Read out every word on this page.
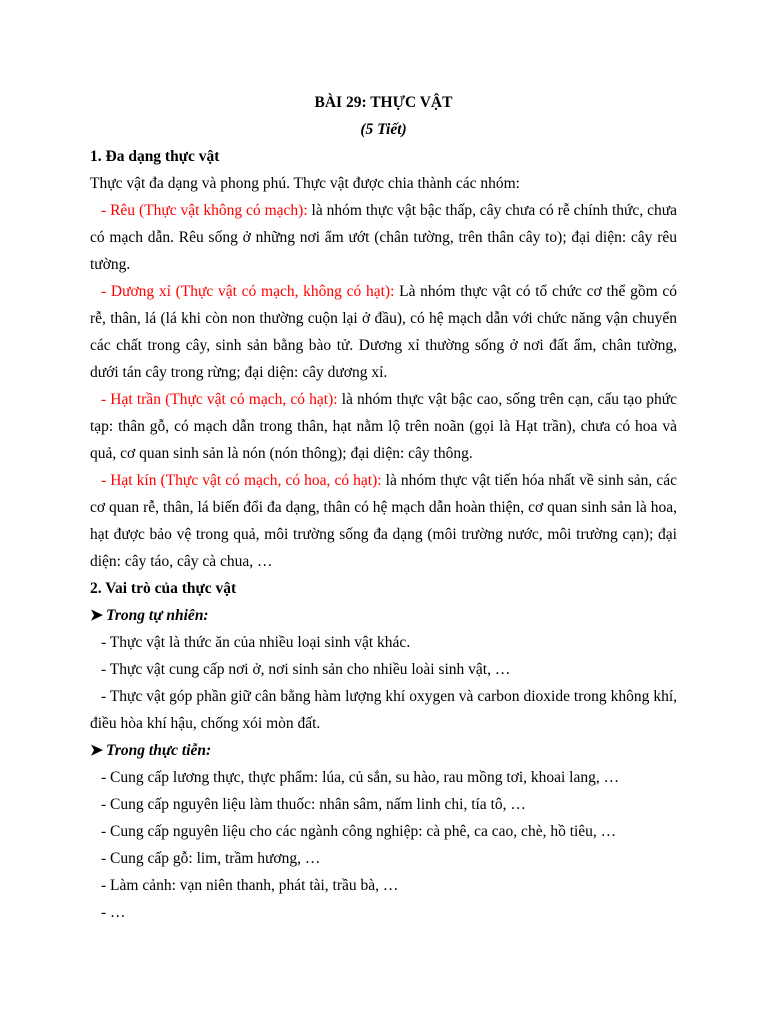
BÀI 29: THỰC VẬT
(5 Tiết)
1. Đa dạng thực vật
Thực vật đa dạng và phong phú. Thực vật được chia thành các nhóm:
- Rêu (Thực vật không có mạch): là nhóm thực vật bậc thấp, cây chưa có rễ chính thức, chưa có mạch dẫn. Rêu sống ở những nơi ẩm ướt (chân tường, trên thân cây to); đại diện: cây rêu tường.
- Dương xỉ (Thực vật có mạch, không có hạt): Là nhóm thực vật có tổ chức cơ thể gồm có rễ, thân, lá (lá khi còn non thường cuộn lại ở đầu), có hệ mạch dẫn với chức năng vận chuyển các chất trong cây, sinh sản bằng bào tử. Dương xỉ thường sống ở nơi đất ẩm, chân tường, dưới tán cây trong rừng; đại diện: cây dương xỉ.
- Hạt trần (Thực vật có mạch, có hạt): là nhóm thực vật bậc cao, sống trên cạn, cấu tạo phức tạp: thân gỗ, có mạch dẫn trong thân, hạt nằm lộ trên noãn (gọi là Hạt trần), chưa có hoa và quả, cơ quan sinh sản là nón (nón thông); đại diện: cây thông.
- Hạt kín (Thực vật có mạch, có hoa, có hạt): là nhóm thực vật tiến hóa nhất về sinh sản, các cơ quan rễ, thân, lá biến đổi đa dạng, thân có hệ mạch dẫn hoàn thiện, cơ quan sinh sản là hoa, hạt được bảo vệ trong quả, môi trường sống đa dạng (môi trường nước, môi trường cạn); đại diện: cây táo, cây cà chua, …
2. Vai trò của thực vật
➤ Trong tự nhiên:
- Thực vật là thức ăn của nhiều loại sinh vật khác.
- Thực vật cung cấp nơi ở, nơi sinh sản cho nhiều loài sinh vật, …
- Thực vật góp phần giữ cân bằng hàm lượng khí oxygen và carbon dioxide trong không khí, điều hòa khí hậu, chống xói mòn đất.
➤ Trong thực tiễn:
- Cung cấp lương thực, thực phẩm: lúa, củ sắn, su hào, rau mồng tơi, khoai lang, …
- Cung cấp nguyên liệu làm thuốc: nhân sâm, nấm linh chi, tía tô, …
- Cung cấp nguyên liệu cho các ngành công nghiệp: cà phê, ca cao, chè, hồ tiêu, …
- Cung cấp gỗ: lim, trầm hương, …
- Làm cảnh: vạn niên thanh, phát tài, trầu bà, …
- …
